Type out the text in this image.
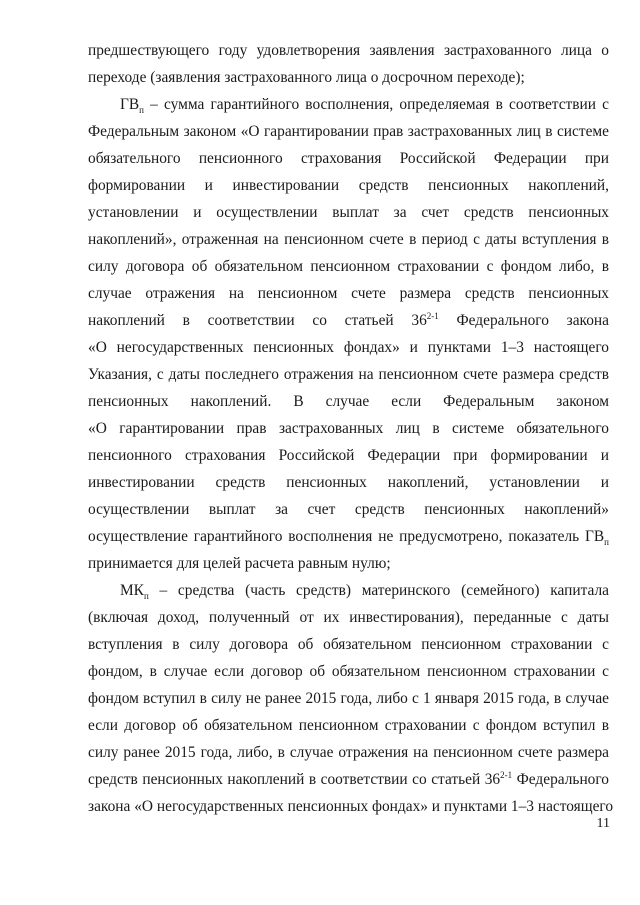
предшествующего году удовлетворения заявления застрахованного лица о
переходе (заявления застрахованного лица о досрочном переходе);
$ГВ_п$ – сумма гарантийного восполнения, определяемая в соответствии с
Федеральным законом «О гарантировании прав застрахованных лиц в системе
обязательного пенсионного страхования Российской Федерации при
формировании и инвестировании средств пенсионных накоплений,
установлении и осуществлении выплат за счет средств пенсионных
накоплений», отраженная на пенсионном счете в период с даты вступления в
силу договора об обязательном пенсионном страховании с фондом либо, в
случае отражения на пенсионном счете размера средств пенсионных
накоплений в соответствии со статьей 36$^{2-1}$ Федерального закона
«О негосударственных пенсионных фондах» и пунктами 1–3 настоящего
Указания, с даты последнего отражения на пенсионном счете размера средств
пенсионных накоплений. В случае если Федеральным законом
«О гарантировании прав застрахованных лиц в системе обязательного
пенсионного страхования Российской Федерации при формировании и
инвестировании средств пенсионных накоплений, установлении и
осуществлении выплат за счет средств пенсионных накоплений»
осуществление гарантийного восполнения не предусмотрено, показатель $ГВ_п$
принимается для целей расчета равным нулю;
$МК_п$ – средства (часть средств) материнского (семейного) капитала
(включая доход, полученный от их инвестирования), переданные с даты
вступления в силу договора об обязательном пенсионном страховании с
фондом, в случае если договор об обязательном пенсионном страховании с
фондом вступил в силу не ранее 2015 года, либо с 1 января 2015 года, в случае
если договор об обязательном пенсионном страховании с фондом вступил в
силу ранее 2015 года, либо, в случае отражения на пенсионном счете размера
средств пенсионных накоплений в соответствии со статьей 36$^{2-1}$ Федерального
закона «О негосударственных пенсионных фондах» и пунктами 1–3 настоящего
11
